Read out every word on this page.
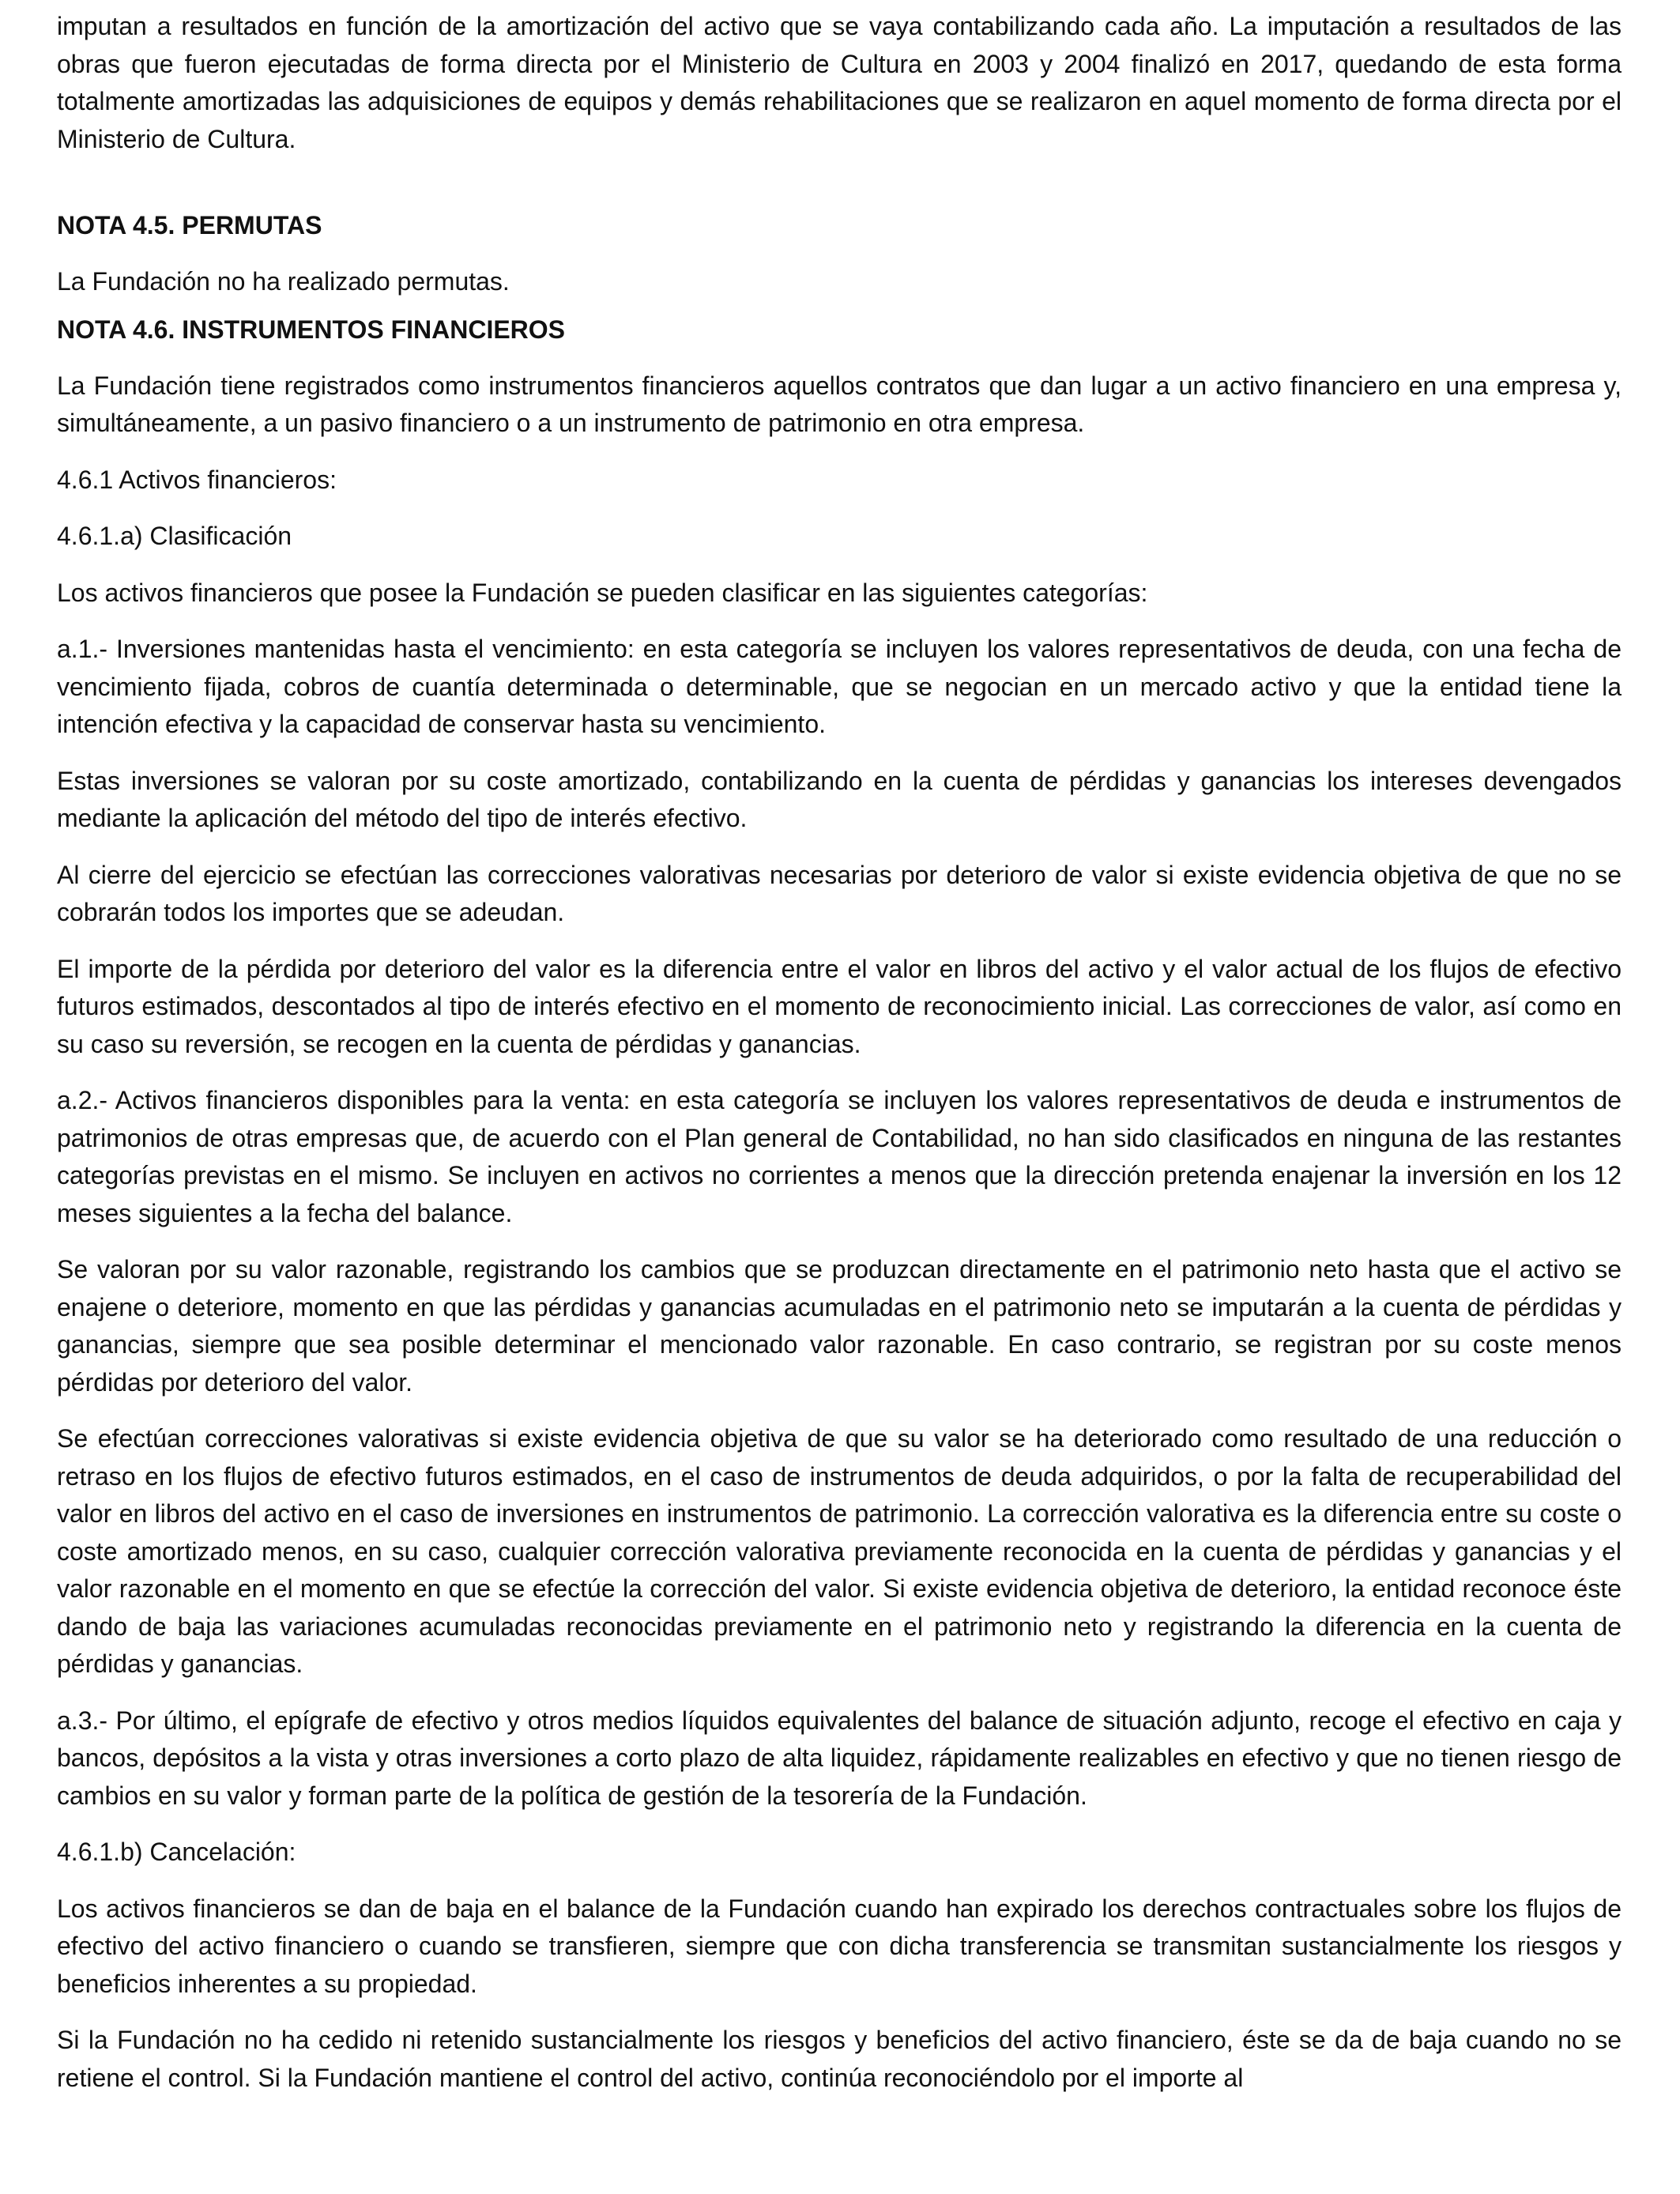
imputan a resultados en función de la amortización del activo que se vaya contabilizando cada año. La imputación a resultados de las obras que fueron ejecutadas de forma directa por el Ministerio de Cultura en 2003 y 2004 finalizó en 2017, quedando de esta forma totalmente amortizadas las adquisiciones de equipos y demás rehabilitaciones que se realizaron en aquel momento de forma directa por el Ministerio de Cultura.

NOTA 4.5. PERMUTAS

La Fundación no ha realizado permutas.

NOTA 4.6. INSTRUMENTOS FINANCIEROS

La Fundación tiene registrados como instrumentos financieros aquellos contratos que dan lugar a un activo financiero en una empresa y, simultáneamente, a un pasivo financiero o a un instrumento de patrimonio en otra empresa.

4.6.1 Activos financieros:
4.6.1.a) Clasificación

Los activos financieros que posee la Fundación se pueden clasificar en las siguientes categorías:

a.1.- Inversiones mantenidas hasta el vencimiento: en esta categoría se incluyen los valores representativos de deuda, con una fecha de vencimiento fijada, cobros de cuantía determinada o determinable, que se negocian en un mercado activo y que la entidad tiene la intención efectiva y la capacidad de conservar hasta su vencimiento.

Estas inversiones se valoran por su coste amortizado, contabilizando en la cuenta de pérdidas y ganancias los intereses devengados mediante la aplicación del método del tipo de interés efectivo.

Al cierre del ejercicio se efectúan las correcciones valorativas necesarias por deterioro de valor si existe evidencia objetiva de que no se cobrarán todos los importes que se adeudan.

El importe de la pérdida por deterioro del valor es la diferencia entre el valor en libros del activo y el valor actual de los flujos de efectivo futuros estimados, descontados al tipo de interés efectivo en el momento de reconocimiento inicial. Las correcciones de valor, así como en su caso su reversión, se recogen en la cuenta de pérdidas y ganancias.

a.2.- Activos financieros disponibles para la venta: en esta categoría se incluyen los valores representativos de deuda e instrumentos de patrimonios de otras empresas que, de acuerdo con el Plan general de Contabilidad, no han sido clasificados en ninguna de las restantes categorías previstas en el mismo. Se incluyen en activos no corrientes a menos que la dirección pretenda enajenar la inversión en los 12 meses siguientes a la fecha del balance.

Se valoran por su valor razonable, registrando los cambios que se produzcan directamente en el patrimonio neto hasta que el activo se enajene o deteriore, momento en que las pérdidas y ganancias acumuladas en el patrimonio neto se imputarán a la cuenta de pérdidas y ganancias, siempre que sea posible determinar el mencionado valor razonable. En caso contrario, se registran por su coste menos pérdidas por deterioro del valor.

Se efectúan correcciones valorativas si existe evidencia objetiva de que su valor se ha deteriorado como resultado de una reducción o retraso en los flujos de efectivo futuros estimados, en el caso de instrumentos de deuda adquiridos, o por la falta de recuperabilidad del valor en libros del activo en el caso de inversiones en instrumentos de patrimonio. La corrección valorativa es la diferencia entre su coste o coste amortizado menos, en su caso, cualquier corrección valorativa previamente reconocida en la cuenta de pérdidas y ganancias y el valor razonable en el momento en que se efectúe la corrección del valor. Si existe evidencia objetiva de deterioro, la entidad reconoce éste dando de baja las variaciones acumuladas reconocidas previamente en el patrimonio neto y registrando la diferencia en la cuenta de pérdidas y ganancias.

a.3.- Por último, el epígrafe de efectivo y otros medios líquidos equivalentes del balance de situación adjunto, recoge el efectivo en caja y bancos, depósitos a la vista y otras inversiones a corto plazo de alta liquidez, rápidamente realizables en efectivo y que no tienen riesgo de cambios en su valor y forman parte de la política de gestión de la tesorería de la Fundación.

4.6.1.b) Cancelación:

Los activos financieros se dan de baja en el balance de la Fundación cuando han expirado los derechos contractuales sobre los flujos de efectivo del activo financiero o cuando se transfieren, siempre que con dicha transferencia se transmitan sustancialmente los riesgos y beneficios inherentes a su propiedad.

Si la Fundación no ha cedido ni retenido sustancialmente los riesgos y beneficios del activo financiero, éste se da de baja cuando no se retiene el control. Si la Fundación mantiene el control del activo, continúa reconociéndolo por el importe al
